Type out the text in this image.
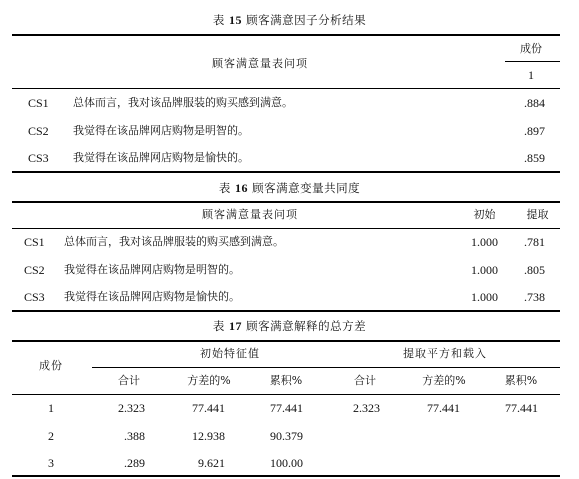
表 15 顾客满意因子分析结果
顾客满意量表问项
成份
1
CS1 总体而言，我对该品牌服装的购买感到满意。	.884
CS2 我觉得在该品牌网店购物是明智的。	.897
CS3 我觉得在该品牌网店购物是愉快的。	.859
表 16 顾客满意变量共同度
顾客满意量表问项	初始	提取
CS1 总体而言，我对该品牌服装的购买感到满意。	1.000	.781
CS2 我觉得在该品牌网店购物是明智的。	1.000	.805
CS3 我觉得在该品牌网店购物是愉快的。	1.000	.738
表 17 顾客满意解释的总方差
成份
初始特征值	提取平方和载入
合计	方差的%	累积%	合计	方差的%	累积%
1	2.323	77.441	77.441	2.323	77.441	77.441
2	.388	12.938	90.379
3	.289	9.621	100.00
